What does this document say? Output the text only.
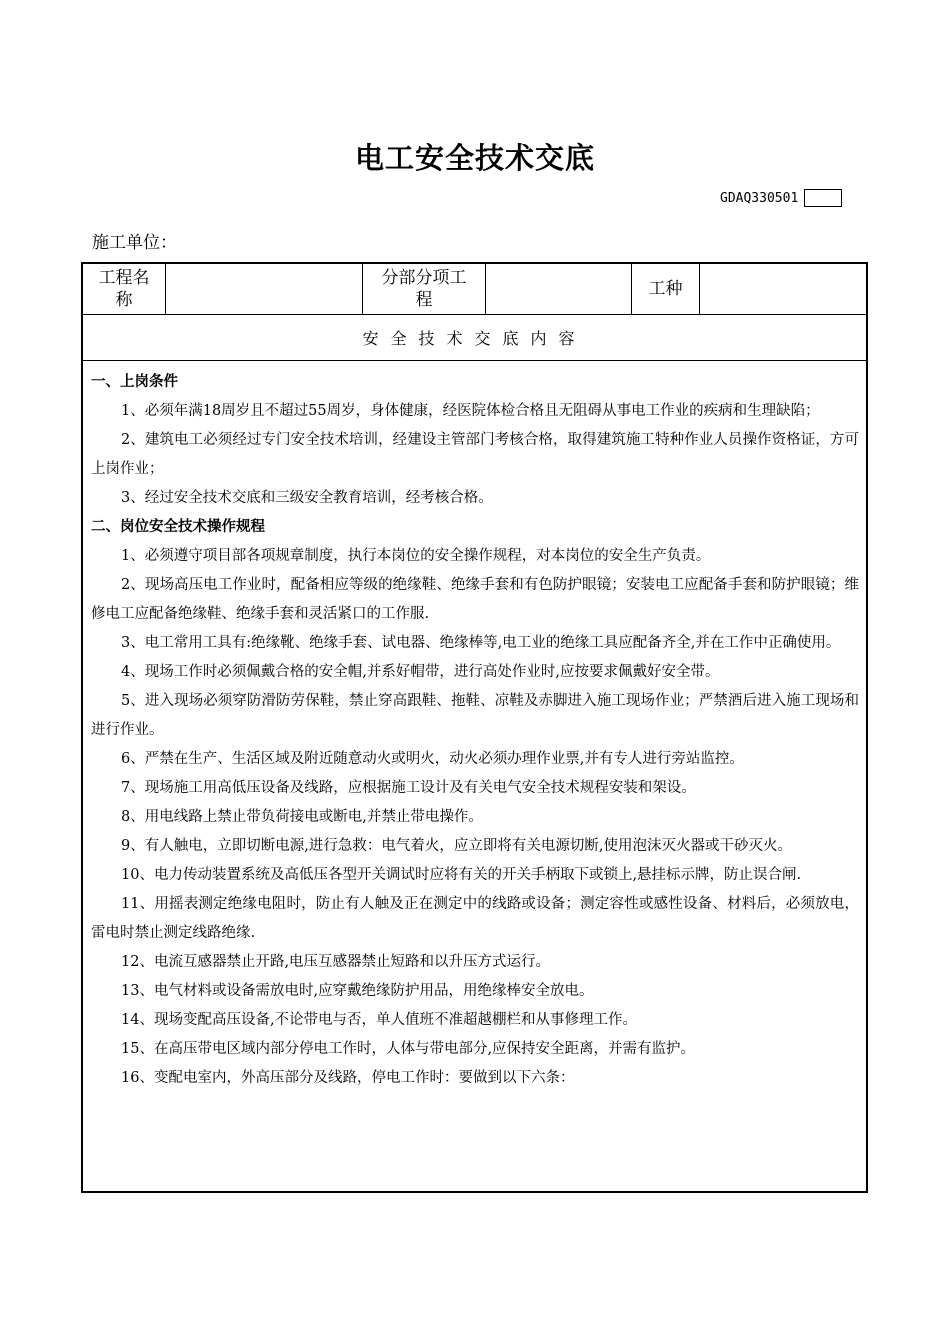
电工安全技术交底
GDAQ330501
施工单位：
工程名称
分部分项工程
工种
安全技术交底内容

一、上岗条件

1、必须年满18周岁且不超过55周岁，身体健康，经医院体检合格且无阻碍从事电工作业的疾病和生理缺陷；

2、建筑电工必须经过专门安全技术培训，经建设主管部门考核合格，取得建筑施工特种作业人员操作资格证，方可上岗作业；

3、经过安全技术交底和三级安全教育培训，经考核合格。

二、岗位安全技术操作规程

1、必须遵守项目部各项规章制度，执行本岗位的安全操作规程，对本岗位的安全生产负责。

2、现场高压电工作业时，配备相应等级的绝缘鞋、绝缘手套和有色防护眼镜；安装电工应配备手套和防护眼镜；维修电工应配备绝缘鞋、绝缘手套和灵活紧口的工作服.

3、电工常用工具有:绝缘靴、绝缘手套、试电器、绝缘棒等,电工业的绝缘工具应配备齐全,并在工作中正确使用。

4、现场工作时必须佩戴合格的安全帽,并系好帽带，进行高处作业时,应按要求佩戴好安全带。

5、进入现场必须穿防滑防劳保鞋，禁止穿高跟鞋、拖鞋、凉鞋及赤脚进入施工现场作业；严禁酒后进入施工现场和进行作业。

6、严禁在生产、生活区域及附近随意动火或明火，动火必须办理作业票,并有专人进行旁站监控。

7、现场施工用高低压设备及线路，应根据施工设计及有关电气安全技术规程安装和架设。

8、用电线路上禁止带负荷接电或断电,并禁止带电操作。

9、有人触电，立即切断电源,进行急救：电气着火，应立即将有关电源切断,使用泡沫灭火器或干砂灭火。

10、电力传动装置系统及高低压各型开关调试时应将有关的开关手柄取下或锁上,悬挂标示牌，防止误合闸.

11、用摇表测定绝缘电阻时，防止有人触及正在测定中的线路或设备；测定容性或感性设备、材料后，必须放电，雷电时禁止测定线路绝缘.

12、电流互感器禁止开路,电压互感器禁止短路和以升压方式运行。

13、电气材料或设备需放电时,应穿戴绝缘防护用品，用绝缘棒安全放电。

14、现场变配高压设备,不论带电与否，单人值班不准超越棚栏和从事修理工作。

15、在高压带电区域内部分停电工作时，人体与带电部分,应保持安全距离，并需有监护。

16、变配电室内，外高压部分及线路，停电工作时：要做到以下六条：
